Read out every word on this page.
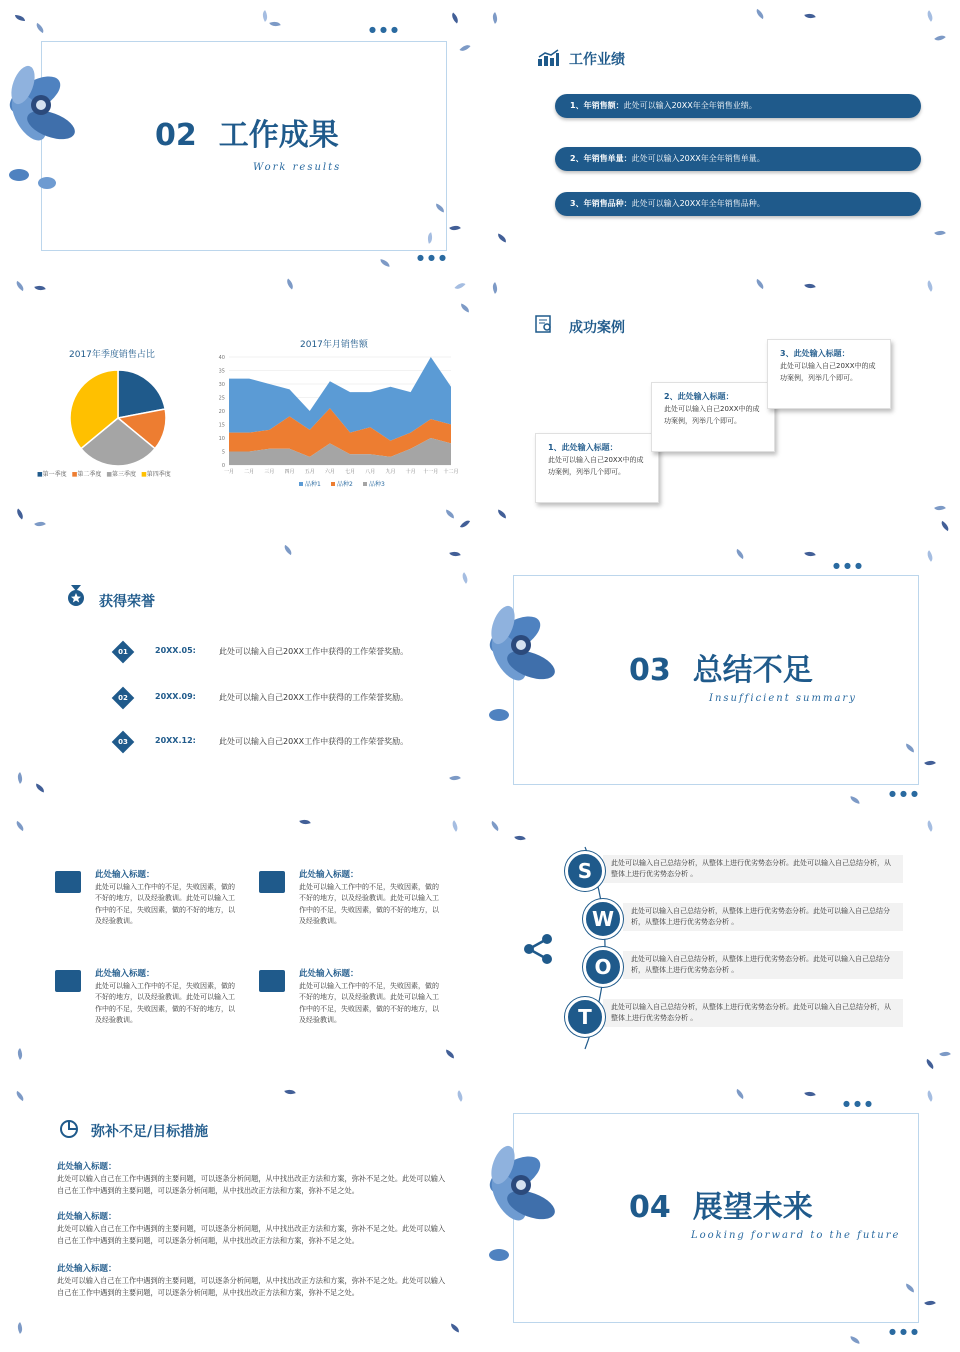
●●●
●●●
02 工作成果
Work results
工作业绩
1、年销售额：此处可以输入20XX年全年销售业绩。
2、年销售单量：此处可以输入20XX年全年销售单量。
3、年销售品种：此处可以输入20XX年全年销售品种。
2017年季度销售占比
■第一季度 ■第二季度 ■第三季度 ■第四季度
2017年月销售额
0
5
10
15
20
25
30
35
40
一月 二月 三月 四月 五月 六月 七月 八月 九月 十月 十一月 十二月
品种1	品种2	品种3
成功案例
1、此处输入标题：
此处可以输入自己20XX中的成功案例，列举几个即可。
2、此处输入标题：
此处可以输入自己20XX中的成功案例，列举几个即可。
3、此处输入标题：
此处可以输入自己20XX中的成功案例，列举几个即可。
获得荣誉
01	20XX.05:	此处可以输入自己20XX工作中获得的工作荣誉奖励。
02	20XX.09:	此处可以输入自己20XX工作中获得的工作荣誉奖励。
03	20XX.12:	此处可以输入自己20XX工作中获得的工作荣誉奖励。
●●●
●●●
03 总结不足
Insufficient summary
此处输入标题：
此处可以输入工作中的不足，失败因素，做的不好的地方，以及经验教训。此处可以输入工作中的不足，失败因素，做的不好的地方，以及经验教训。
此处输入标题：
此处可以输入工作中的不足，失败因素，做的不好的地方，以及经验教训。此处可以输入工作中的不足，失败因素，做的不好的地方，以及经验教训。
此处输入标题：
此处可以输入工作中的不足，失败因素，做的不好的地方，以及经验教训。此处可以输入工作中的不足，失败因素，做的不好的地方，以及经验教训。
此处输入标题：
此处可以输入工作中的不足，失败因素，做的不好的地方，以及经验教训。此处可以输入工作中的不足，失败因素，做的不好的地方，以及经验教训。
此处可以输入自己总结分析，从整体上进行优劣势态分析。此处可以输入自己总结分析，从整体上进行优劣势态分析 。
此处可以输入自己总结分析，从整体上进行优劣势态分析。此处可以输入自己总结分析，从整体上进行优劣势态分析 。
此处可以输入自己总结分析，从整体上进行优劣势态分析。此处可以输入自己总结分析，从整体上进行优劣势态分析 。
此处可以输入自己总结分析，从整体上进行优劣势态分析。此处可以输入自己总结分析，从整体上进行优劣势态分析 。
S
W
O
T
弥补不足/目标措施
此处输入标题：
此处可以输入自己在工作中遇到的主要问题，可以逐条分析问题，从中找出改正方法和方案，弥补不足之处。此处可以输入自己在工作中遇到的主要问题，可以逐条分析问题，从中找出改正方法和方案，弥补不足之处。
此处输入标题：
此处可以输入自己在工作中遇到的主要问题，可以逐条分析问题，从中找出改正方法和方案，弥补不足之处。此处可以输入自己在工作中遇到的主要问题，可以逐条分析问题，从中找出改正方法和方案，弥补不足之处。
此处输入标题：
此处可以输入自己在工作中遇到的主要问题，可以逐条分析问题，从中找出改正方法和方案，弥补不足之处。此处可以输入自己在工作中遇到的主要问题，可以逐条分析问题，从中找出改正方法和方案，弥补不足之处。
●●●
●●●
04 展望未来
Looking forward to the future
